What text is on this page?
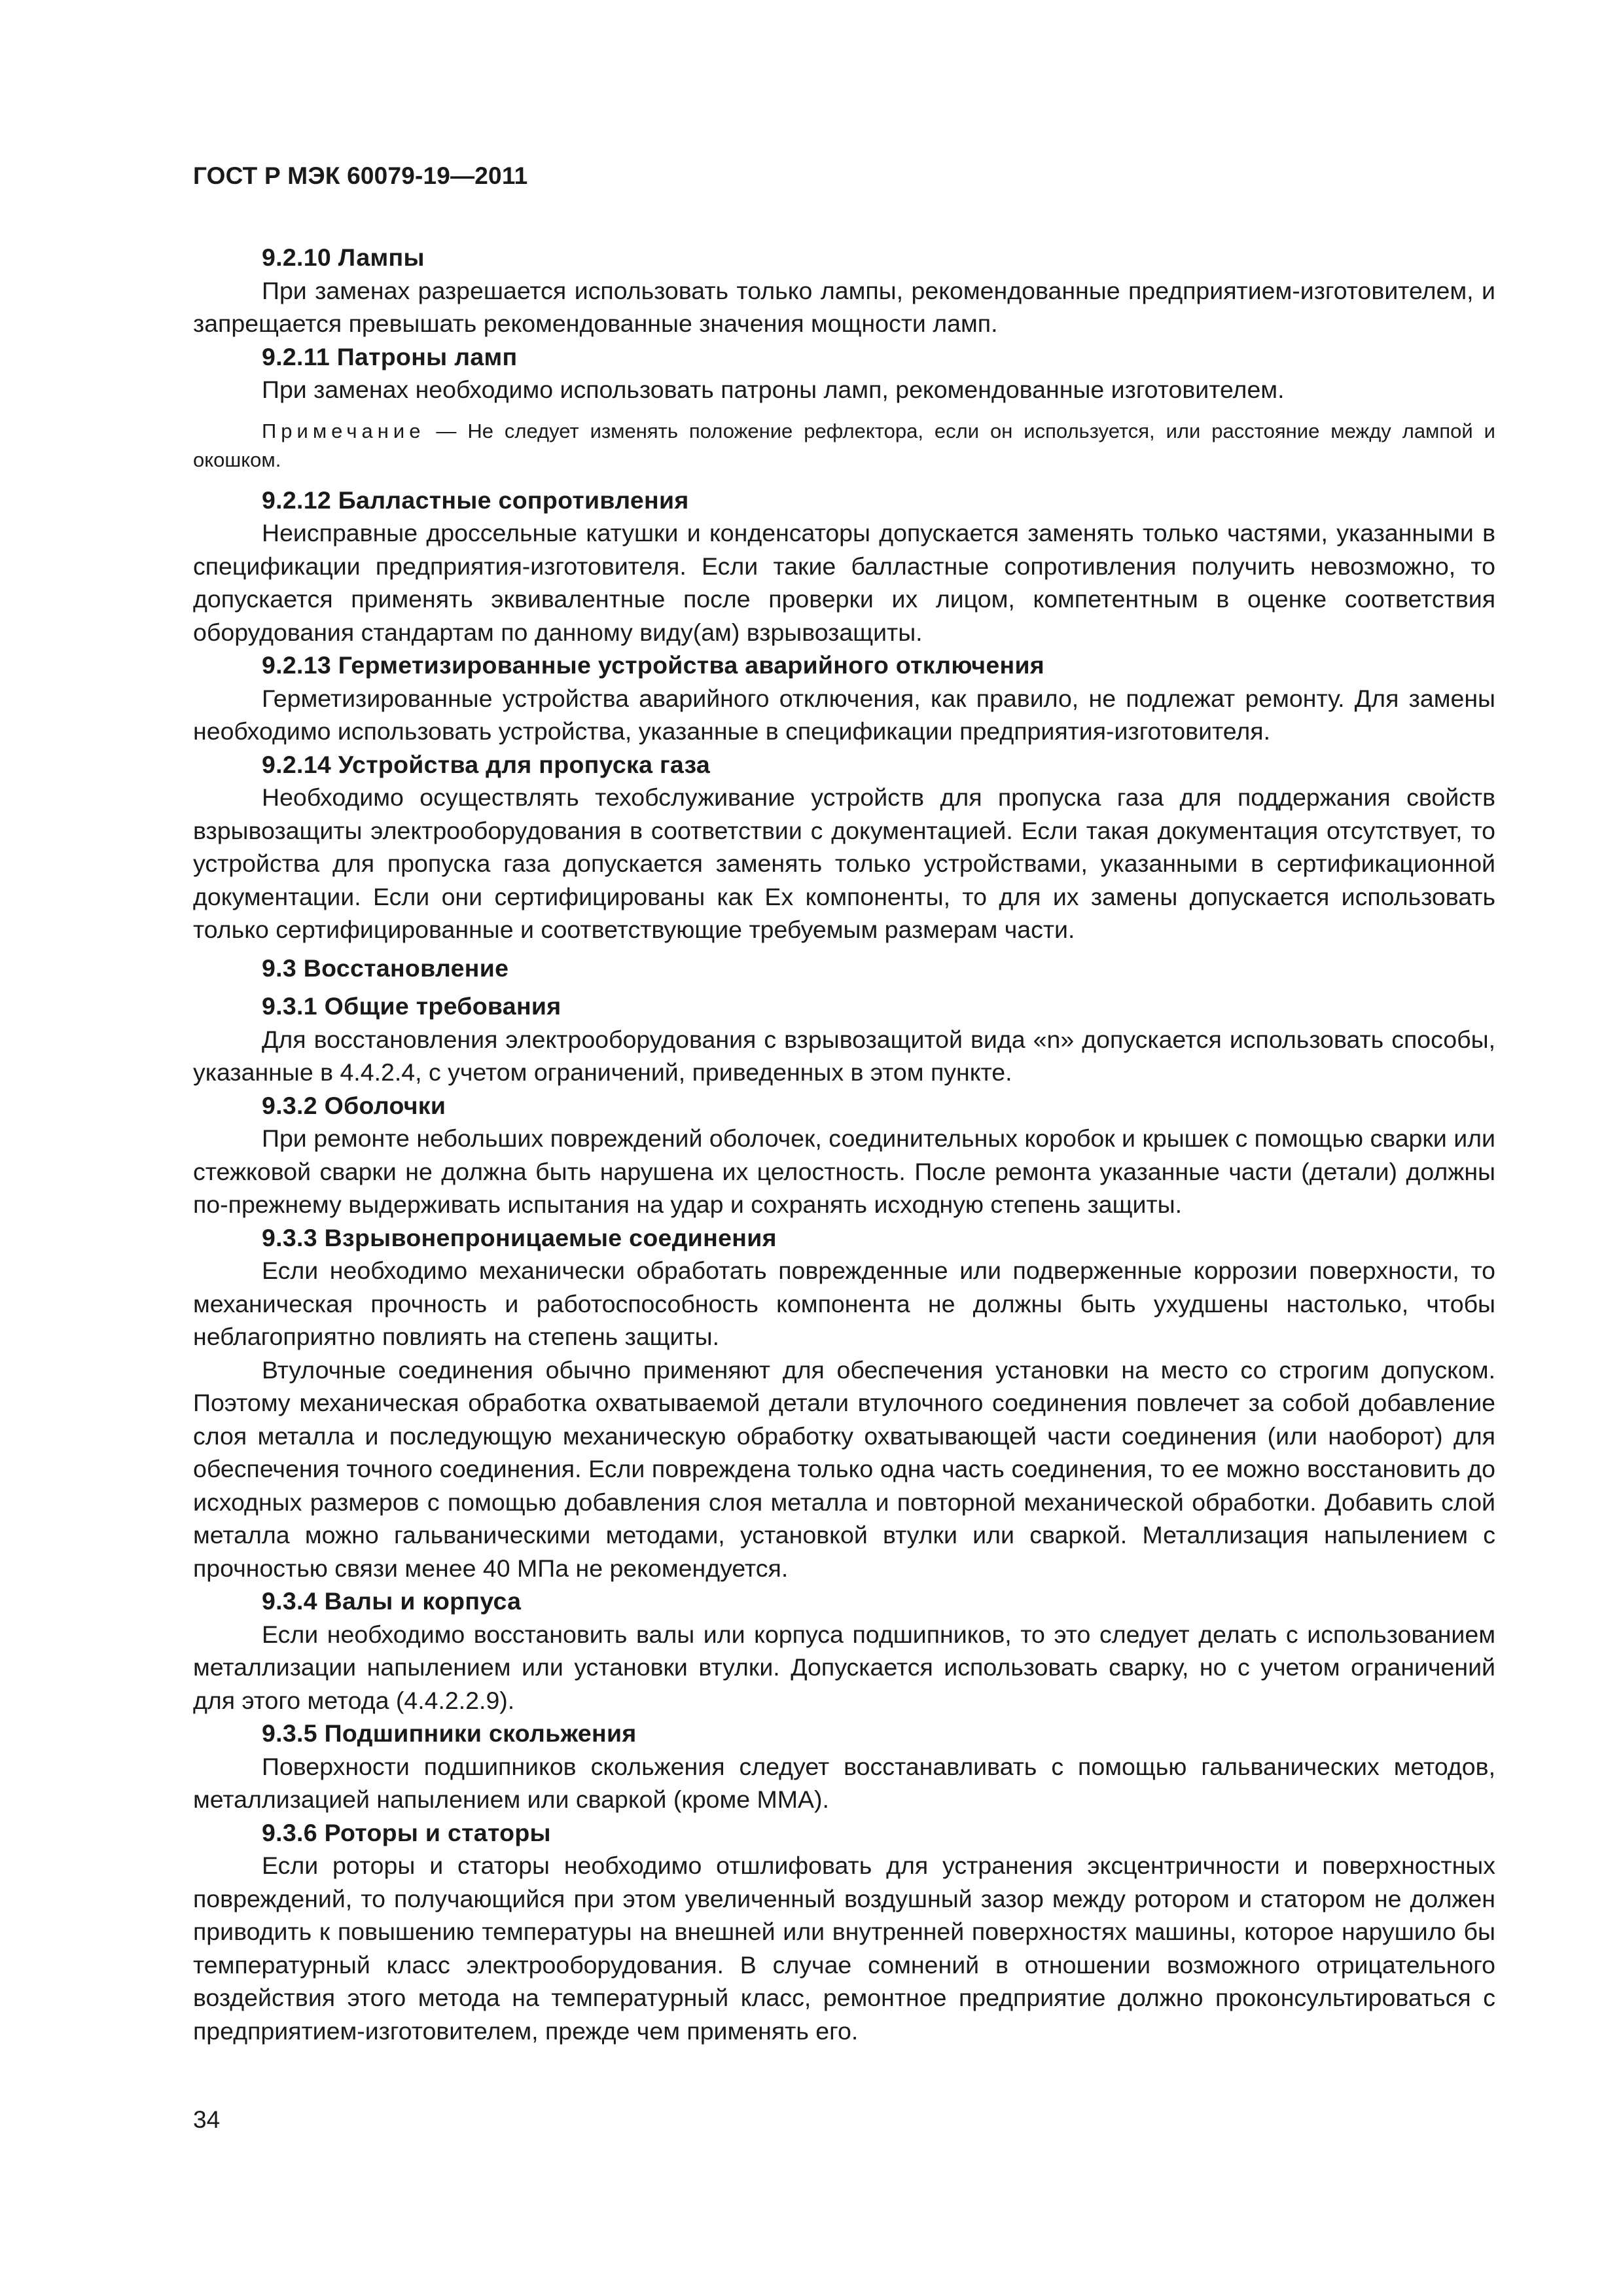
ГОСТ Р МЭК 60079-19—2011
9.2.10 Лампы

При заменах разрешается использовать только лампы, рекомендованные предприятием-изготовителем, и запрещается превышать рекомендованные значения мощности ламп.

9.2.11 Патроны ламп

При заменах необходимо использовать патроны ламп, рекомендованные изготовителем.

Примечание — Не следует изменять положение рефлектора, если он используется, или расстояние между лампой и окошком.

9.2.12 Балластные сопротивления

Неисправные дроссельные катушки и конденсаторы допускается заменять только частями, указанными в спецификации предприятия-изготовителя. Если такие балластные сопротивления получить невозможно, то допускается применять эквивалентные после проверки их лицом, компетентным в оценке соответствия оборудования стандартам по данному виду(ам) взрывозащиты.

9.2.13 Герметизированные устройства аварийного отключения

Герметизированные устройства аварийного отключения, как правило, не подлежат ремонту. Для замены необходимо использовать устройства, указанные в спецификации предприятия-изготовителя.

9.2.14 Устройства для пропуска газа

Необходимо осуществлять техобслуживание устройств для пропуска газа для поддержания свойств взрывозащиты электрооборудования в соответствии с документацией. Если такая документация отсутствует, то устройства для пропуска газа допускается заменять только устройствами, указанными в сертификационной документации. Если они сертифицированы как Ex компоненты, то для их замены допускается использовать только сертифицированные и соответствующие требуемым размерам части.

9.3 Восстановление
9.3.1 Общие требования

Для восстановления электрооборудования с взрывозащитой вида «n» допускается использовать способы, указанные в 4.4.2.4, с учетом ограничений, приведенных в этом пункте.

9.3.2 Оболочки

При ремонте небольших повреждений оболочек, соединительных коробок и крышек с помощью сварки или стежковой сварки не должна быть нарушена их целостность. После ремонта указанные части (детали) должны по-прежнему выдерживать испытания на удар и сохранять исходную степень защиты.

9.3.3 Взрывонепроницаемые соединения

Если необходимо механически обработать поврежденные или подверженные коррозии поверхности, то механическая прочность и работоспособность компонента не должны быть ухудшены настолько, чтобы неблагоприятно повлиять на степень защиты.

Втулочные соединения обычно применяют для обеспечения установки на место со строгим допуском. Поэтому механическая обработка охватываемой детали втулочного соединения повлечет за собой добавление слоя металла и последующую механическую обработку охватывающей части соединения (или наоборот) для обеспечения точного соединения. Если повреждена только одна часть соединения, то ее можно восстановить до исходных размеров с помощью добавления слоя металла и повторной механической обработки. Добавить слой металла можно гальваническими методами, установкой втулки или сваркой. Металлизация напылением с прочностью связи менее 40 МПа не рекомендуется.

9.3.4 Валы и корпуса

Если необходимо восстановить валы или корпуса подшипников, то это следует делать с использованием металлизации напылением или установки втулки. Допускается использовать сварку, но с учетом ограничений для этого метода (4.4.2.2.9).

9.3.5 Подшипники скольжения

Поверхности подшипников скольжения следует восстанавливать с помощью гальванических методов, металлизацией напылением или сваркой (кроме ММА).

9.3.6 Роторы и статоры

Если роторы и статоры необходимо отшлифовать для устранения эксцентричности и поверхностных повреждений, то получающийся при этом увеличенный воздушный зазор между ротором и статором не должен приводить к повышению температуры на внешней или внутренней поверхностях машины, которое нарушило бы температурный класс электрооборудования. В случае сомнений в отношении возможного отрицательного воздействия этого метода на температурный класс, ремонтное предприятие должно проконсультироваться с предприятием-изготовителем, прежде чем применять его.

34
